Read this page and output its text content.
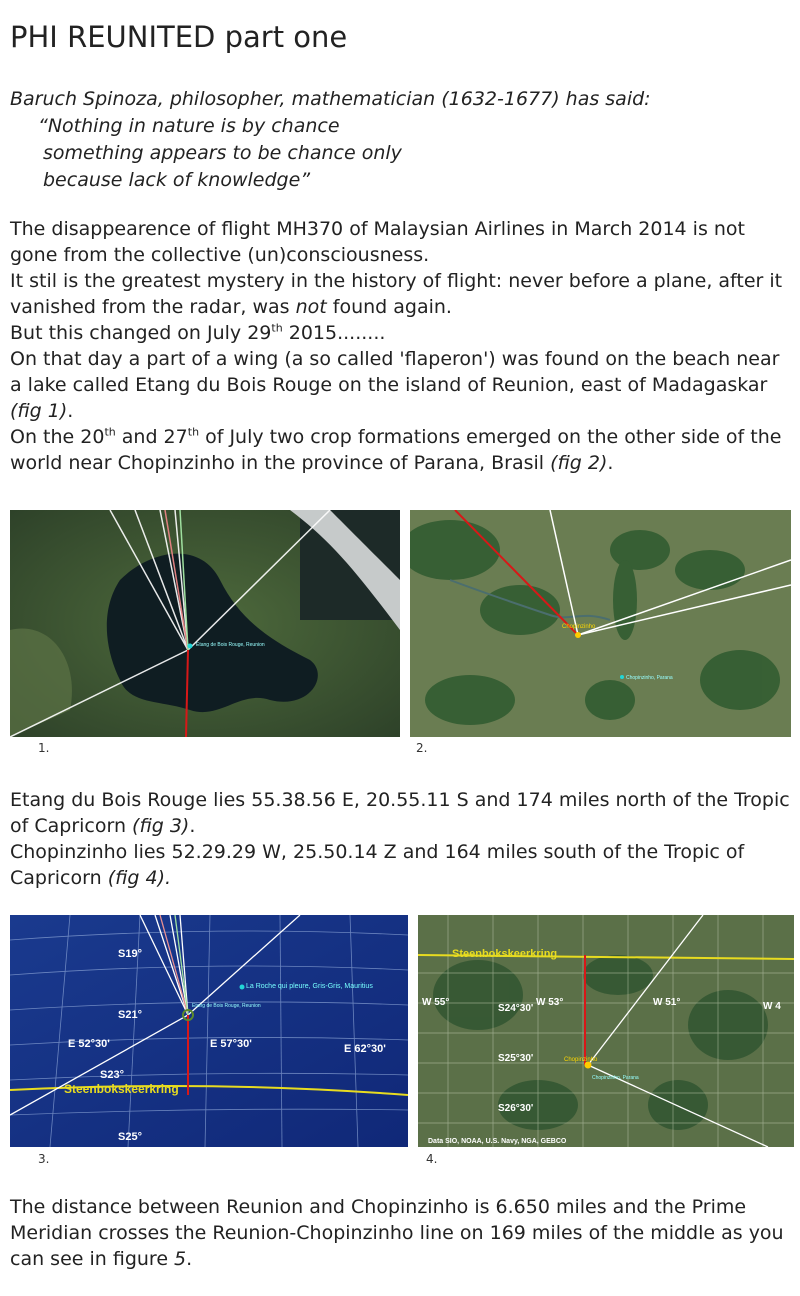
PHI REUNITED part one
Baruch Spinoza, philosopher, mathematician (1632-1677) has said:
“Nothing in nature is by chance
something appears to be chance only
because lack of knowledge”
The disappearence of flight MH370 of Malaysian Airlines in March 2014 is not gone from the collective (un)consciousness.
It stil is the greatest mystery in the history of flight: never before a plane, after it vanished from the radar, was not found again.
But this changed on July 29th 2015........
On that day a part of a wing (a so called 'flaperon') was found on the beach near a lake called Etang du Bois Rouge on the island of Reunion, east of Madagaskar (fig 1).
On the 20th and 27th of July two crop formations emerged on the other side of the world near Chopinzinho in the province of Parana, Brasil (fig 2).
Etang de Bois Rouge, Reunion
1.
Chopinzinho
Chopinzinho, Parana
2.
Etang du Bois Rouge lies 55.38.56 E, 20.55.11 S and 174 miles north of the Tropic of Capricorn (fig 3).
Chopinzinho lies 52.29.29 W, 25.50.14 Z and 164 miles south of the Tropic of Capricorn (fig 4).
S19°
S21°
S23°
S25°
E 52°30'	E 57°30'	E 62°30'
Steenbokskeerkring
La Roche qui pleure, Gris-Gris, Mauritius
Etang de Bois Rouge, Reunion
3.
W 55°	W 53°	W 51°	W 4
S24°30'
S25°30'
S26°30'
Steenbokskeerkring
Chopinzinho
Chopinzinho, Parana
Data SIO, NOAA, U.S. Navy, NGA, GEBCO
4.
The distance between Reunion and Chopinzinho is 6.650 miles and the Prime Meridian crosses the Reunion-Chopinzinho line on 169 miles of the middle as you can see in figure 5.
